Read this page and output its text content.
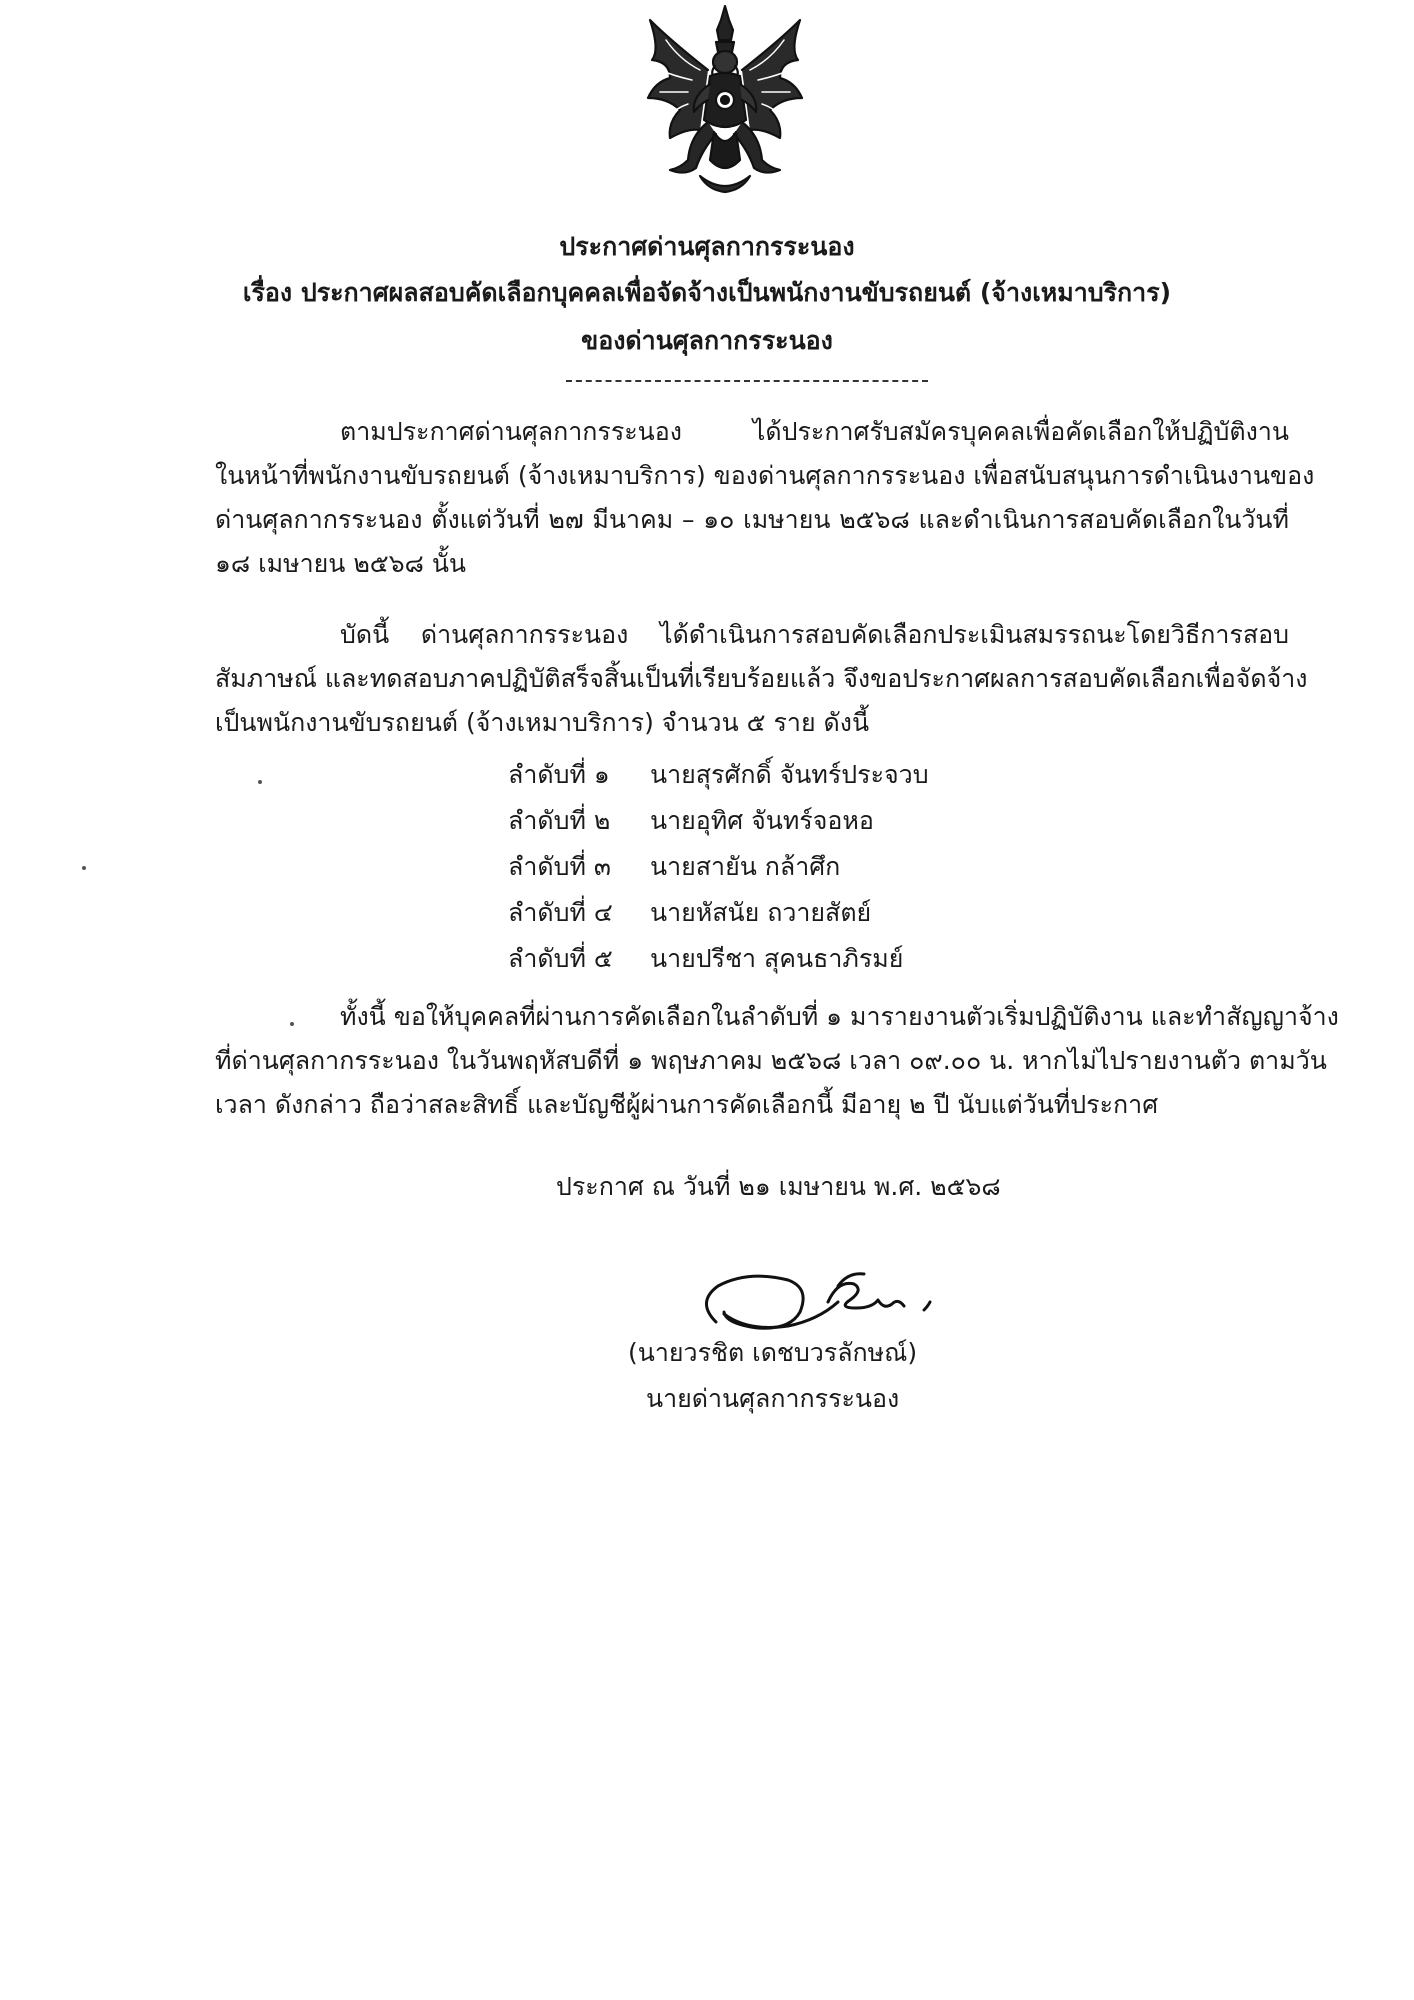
ประกาศด่านศุลกากรระนอง
เรื่อง ประกาศผลสอบคัดเลือกบุคคลเพื่อจัดจ้างเป็นพนักงานขับรถยนต์ (จ้างเหมาบริการ)
ของด่านศุลกากรระนอง
ตามประกาศด่านศุลกากรระนอง ได้ประกาศรับสมัครบุคคลเพื่อคัดเลือกให้ปฏิบัติงาน
ในหน้าที่พนักงานขับรถยนต์ (จ้างเหมาบริการ) ของด่านศุลกากรระนอง เพื่อสนับสนุนการดำเนินงานของ
ด่านศุลกากรระนอง ตั้งแต่วันที่ ๒๗ มีนาคม – ๑๐ เมษายน ๒๕๖๘ และดำเนินการสอบคัดเลือกในวันที่
๑๘ เมษายน ๒๕๖๘ นั้น
บัดนี้ ด่านศุลกากรระนอง ได้ดำเนินการสอบคัดเลือกประเมินสมรรถนะโดยวิธีการสอบ
สัมภาษณ์ และทดสอบภาคปฏิบัติสร็จสิ้นเป็นที่เรียบร้อยแล้ว จึงขอประกาศผลการสอบคัดเลือกเพื่อจัดจ้าง
เป็นพนักงานขับรถยนต์ (จ้างเหมาบริการ) จำนวน ๕ ราย ดังนี้
ลำดับที่ ๑ นายสุรศักดิ์ จันทร์ประจวบ
ลำดับที่ ๒ นายอุทิศ จันทร์จอหอ
ลำดับที่ ๓ นายสายัน กล้าศึก
ลำดับที่ ๔ นายหัสนัย ถวายสัตย์
ลำดับที่ ๕ นายปรีชา สุคนธาภิรมย์
ทั้งนี้ ขอให้บุคคลที่ผ่านการคัดเลือกในลำดับที่ ๑ มารายงานตัวเริ่มปฏิบัติงาน และทำสัญญาจ้าง
ที่ด่านศุลกากรระนอง ในวันพฤหัสบดีที่ ๑ พฤษภาคม ๒๕๖๘ เวลา ๐๙.๐๐ น. หากไม่ไปรายงานตัว ตามวัน
เวลา ดังกล่าว ถือว่าสละสิทธิ์ และบัญชีผู้ผ่านการคัดเลือกนี้ มีอายุ ๒ ปี นับแต่วันที่ประกาศ
ประกาศ ณ วันที่ ๒๑ เมษายน พ.ศ. ๒๕๖๘
(นายวรชิต เดชบวรลักษณ์)
นายด่านศุลกากรระนอง
